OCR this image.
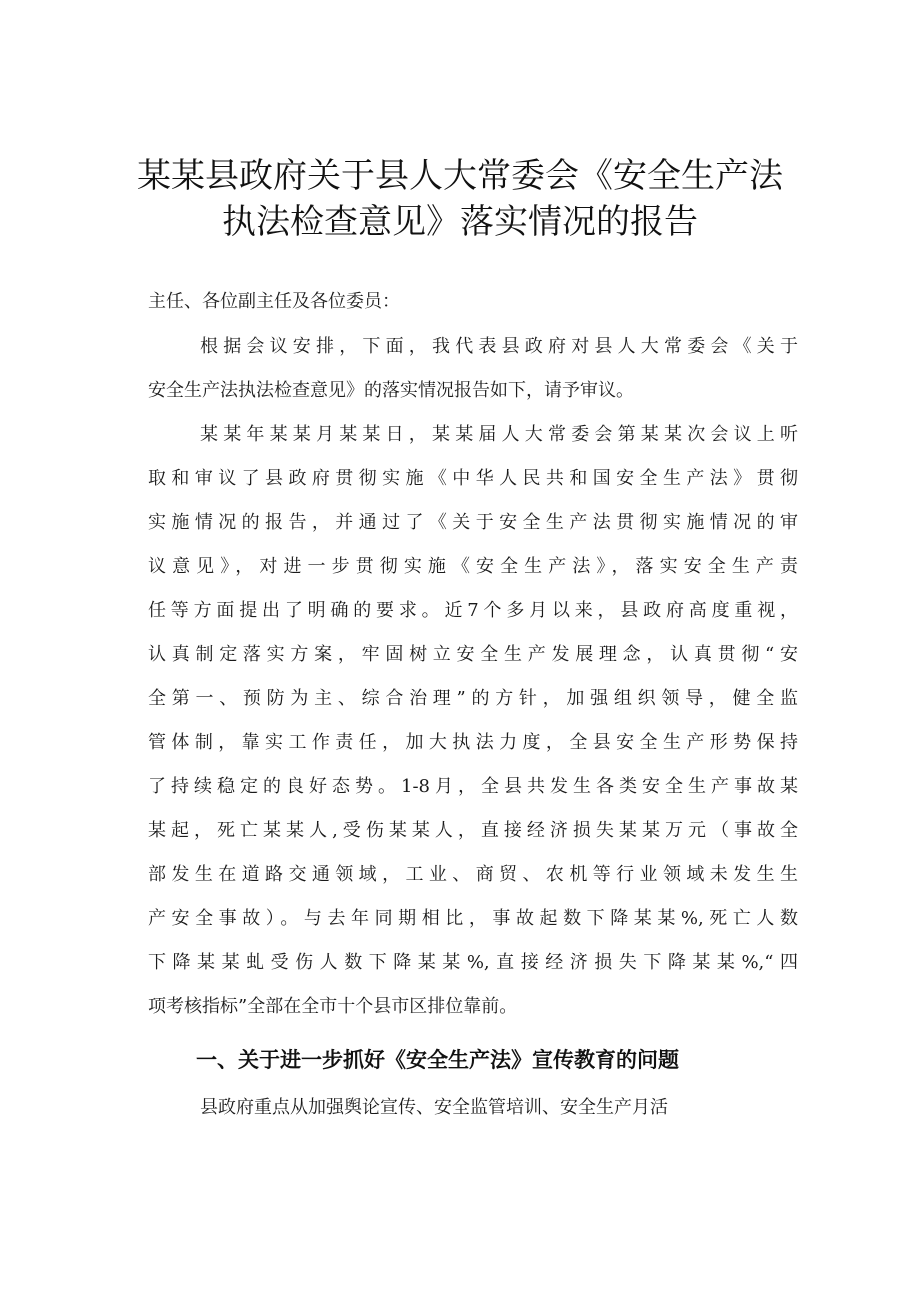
某某县政府关于县人大常委会《安全生产法
执法检查意见》落实情况的报告

主任、各位副主任及各位委员：

根据会议安排，下面，我代表县政府对县人大常委会《关于

安全生产法执法检查意见》的落实情况报告如下，请予审议。

某某年某某月某某日，某某届人大常委会第某某次会议上听

取和审议了县政府贯彻实施《中华人民共和国安全生产法》贯彻

实施情况的报告，并通过了《关于安全生产法贯彻实施情况的审

议意见》，对进一步贯彻实施《安全生产法》，落实安全生产责

任等方面提出了明确的要求。近7个多月以来，县政府高度重视，

认真制定落实方案，牢固树立安全生产发展理念，认真贯彻“安

全第一、预防为主、综合治理”的方针，加强组织领导，健全监

管体制，靠实工作责任，加大执法力度，全县安全生产形势保持

了持续稳定的良好态势。1-8月，全县共发生各类安全生产事故某

某起，死亡某某人,受伤某某人，直接经济损失某某万元（事故全

部发生在道路交通领域，工业、商贸、农机等行业领域未发生生

产安全事故）。与去年同期相比，事故起数下降某某%,死亡人数

下降某某虬受伤人数下降某某%,直接经济损失下降某某%,“四

项考核指标”全部在全市十个县市区排位靠前。

一、关于进一步抓好《安全生产法》宣传教育的问题

县政府重点从加强舆论宣传、安全监管培训、安全生产月活
